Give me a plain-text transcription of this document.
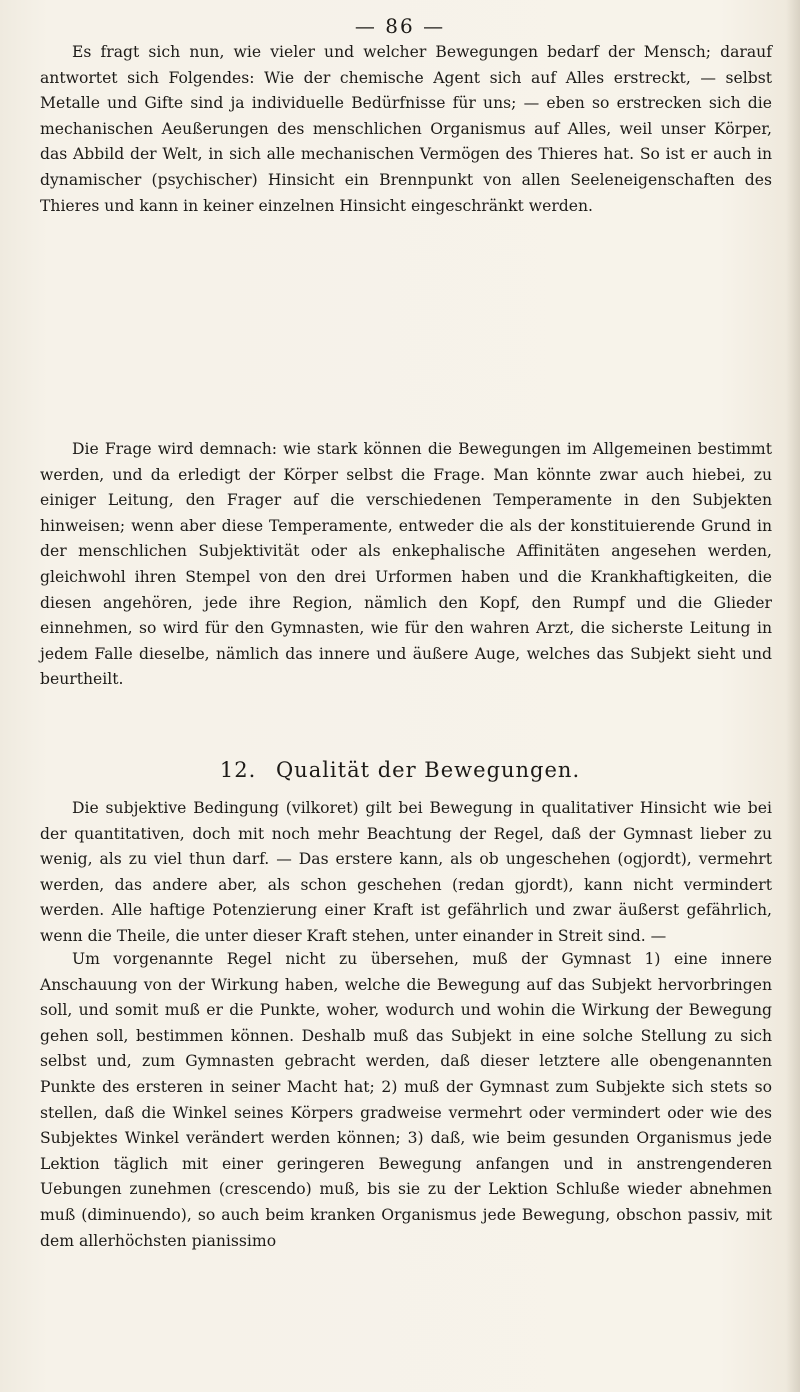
— 86 —

Es fragt sich nun, wie vieler und welcher Bewegungen bedarf der Mensch; darauf antwortet sich Folgendes: Wie der chemische Agent sich auf Alles erstreckt, — selbst Metalle und Gifte sind ja individuelle Bedürfnisse für uns; — eben so erstrecken sich die mechanischen Aeußerungen des menschlichen Organismus auf Alles, weil unser Körper, das Abbild der Welt, in sich alle mechanischen Vermögen des Thieres hat. So ist er auch in dynamischer (psychischer) Hinsicht ein Brennpunkt von allen Seeleneigenschaften des Thieres und kann in keiner einzelnen Hinsicht eingeschränkt werden.

Die Frage wird demnach: wie stark können die Bewegungen im Allgemeinen bestimmt werden, und da erledigt der Körper selbst die Frage. Man könnte zwar auch hiebei, zu einiger Leitung, den Frager auf die verschiedenen Temperamente in den Subjekten hinweisen; wenn aber diese Temperamente, entweder die als der konstituierende Grund in der menschlichen Subjektivität oder als enkephalische Affinitäten angesehen werden, gleichwohl ihren Stempel von den drei Urformen haben und die Krankhaftigkeiten, die diesen angehören, jede ihre Region, nämlich den Kopf, den Rumpf und die Glieder einnehmen, so wird für den Gymnasten, wie für den wahren Arzt, die sicherste Leitung in jedem Falle dieselbe, nämlich das innere und äußere Auge, welches das Subjekt sieht und beurtheilt.

12. Qualität der Bewegungen.

Die subjektive Bedingung (vilkoret) gilt bei Bewegung in qualitativer Hinsicht wie bei der quantitativen, doch mit noch mehr Beachtung der Regel, daß der Gymnast lieber zu wenig, als zu viel thun darf. — Das erstere kann, als ob ungeschehen (ogjordt), vermehrt werden, das andere aber, als schon geschehen (redan gjordt), kann nicht vermindert werden. Alle haftige Potenzierung einer Kraft ist gefährlich und zwar äußerst gefährlich, wenn die Theile, die unter dieser Kraft stehen, unter einander in Streit sind. —

Um vorgenannte Regel nicht zu übersehen, muß der Gymnast 1) eine innere Anschauung von der Wirkung haben, welche die Bewegung auf das Subjekt hervorbringen soll, und somit muß er die Punkte, woher, wodurch und wohin die Wirkung der Bewegung gehen soll, bestimmen können. Deshalb muß das Subjekt in eine solche Stellung zu sich selbst und, zum Gymnasten gebracht werden, daß dieser letztere alle obengenannten Punkte des ersteren in seiner Macht hat; 2) muß der Gymnast zum Subjekte sich stets so stellen, daß die Winkel seines Körpers gradweise vermehrt oder vermindert oder wie des Subjektes Winkel verändert werden können; 3) daß, wie beim gesunden Organismus jede Lektion täglich mit einer geringeren Bewegung anfangen und in anstrengenderen Uebungen zunehmen (crescendo) muß, bis sie zu der Lektion Schluße wieder abnehmen muß (diminuendo), so auch beim kranken Organismus jede Bewegung, obschon passiv, mit dem allerhöchsten pianissimo
